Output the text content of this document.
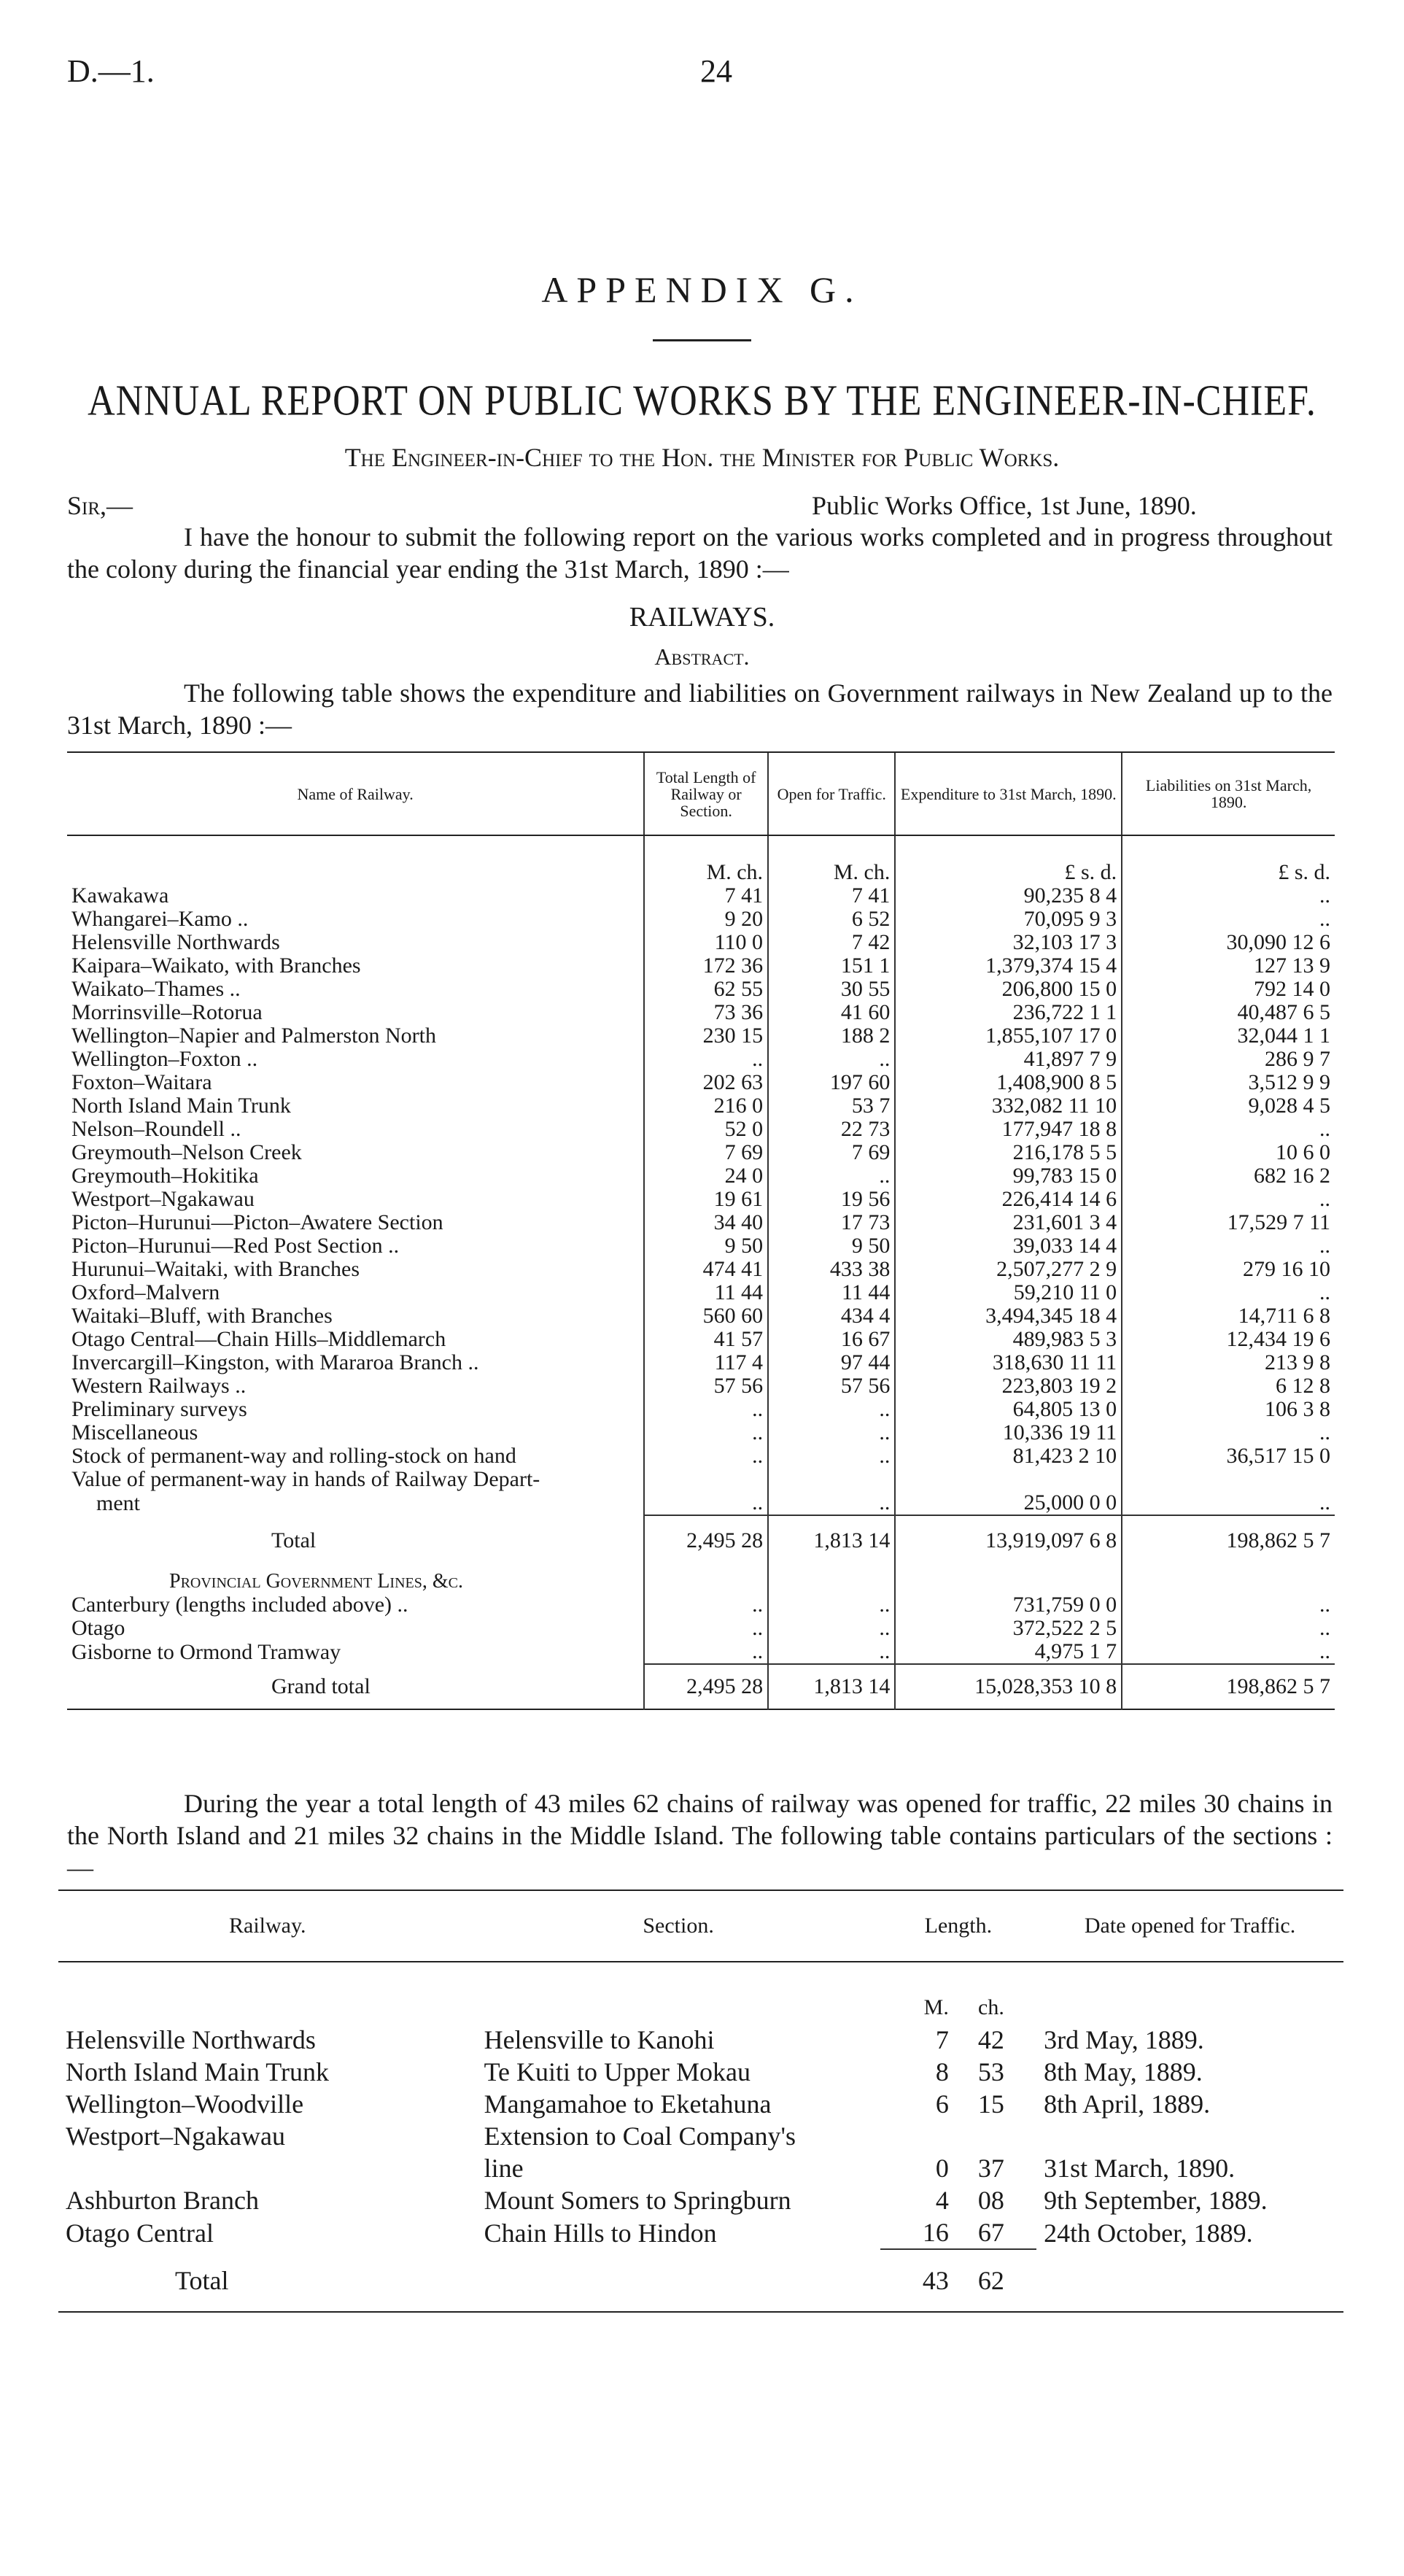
D.—1.	24
APPENDIX G.
ANNUAL REPORT ON PUBLIC WORKS BY THE ENGINEER-IN-CHIEF.
The Engineer-in-Chief to the Hon. the Minister for Public Works.
Sir,—	Public Works Office, 1st June, 1890.

I have the honour to submit the following report on the various works completed and in progress throughout the colony during the financial year ending the 31st March, 1890 :—

RAILWAYS.
Abstract.

The following table shows the expenditure and liabilities on Government railways in New Zealand up to the 31st March, 1890 :—

Name of Railway.	Total Length of Railway or Section.	Open for Traffic.	Expenditure to 31st March, 1890.	Liabilities on 31st March, 1890.
	M. ch.	M. ch.	£ s. d.	£ s. d.
Kawakawa	7 41	7 41	90,235 8 4	..
Whangarei–Kamo ..	9 20	6 52	70,095 9 3	..
Helensville Northwards	110 0	7 42	32,103 17 3	30,090 12 6
Kaipara–Waikato, with Branches	172 36	151 1	1,379,374 15 4	127 13 9
Waikato–Thames ..	62 55	30 55	206,800 15 0	792 14 0
Morrinsville–Rotorua	73 36	41 60	236,722 1 1	40,487 6 5
Wellington–Napier and Palmerston North	230 15	188 2	1,855,107 17 0	32,044 1 1
Wellington–Foxton ..	..	..	41,897 7 9	286 9 7
Foxton–Waitara	202 63	197 60	1,408,900 8 5	3,512 9 9
North Island Main Trunk	216 0	53 7	332,082 11 10	9,028 4 5
Nelson–Roundell ..	52 0	22 73	177,947 18 8	..
Greymouth–Nelson Creek	7 69	7 69	216,178 5 5	10 6 0
Greymouth–Hokitika	24 0	..	99,783 15 0	682 16 2
Westport–Ngakawau	19 61	19 56	226,414 14 6	..
Picton–Hurunui—Picton–Awatere Section	34 40	17 73	231,601 3 4	17,529 7 11
Picton–Hurunui—Red Post Section ..	9 50	9 50	39,033 14 4	..
Hurunui–Waitaki, with Branches	474 41	433 38	2,507,277 2 9	279 16 10
Oxford–Malvern	11 44	11 44	59,210 11 0	..
Waitaki–Bluff, with Branches	560 60	434 4	3,494,345 18 4	14,711 6 8
Otago Central—Chain Hills–Middlemarch	41 57	16 67	489,983 5 3	12,434 19 6
Invercargill–Kingston, with Mararoa Branch ..	117 4	97 44	318,630 11 11	213 9 8
Western Railways ..	57 56	57 56	223,803 19 2	6 12 8
Preliminary surveys	..	..	64,805 13 0	106 3 8
Miscellaneous	..	..	10,336 19 11	..
Stock of permanent-way and rolling-stock on hand	..	..	81,423 2 10	36,517 15 0
Value of permanent-way in hands of Railway Depart-				
ment	..	..	25,000 0 0	..
Total	2,495 28	1,813 14	13,919,097 6 8	198,862 5 7
Provincial Government Lines, &c.				
Canterbury (lengths included above) ..	..	..	731,759 0 0	..
Otago	..	..	372,522 2 5	..
Gisborne to Ormond Tramway	..	..	4,975 1 7	..
Grand total	2,495 28	1,813 14	15,028,353 10 8	198,862 5 7

During the year a total length of 43 miles 62 chains of railway was opened for traffic, 22 miles 30 chains in the North Island and 21 miles 32 chains in the Middle Island. The following table contains particulars of the sections :—

Railway.	Section.	Length.	Date opened for Traffic.

		M. ch.	

Helensville Northwards	Helensville to Kanohi	7 42	3rd May, 1889.
North Island Main Trunk	Te Kuiti to Upper Mokau	8 53	8th May, 1889.
Wellington–Woodville	Mangamahoe to Eketahuna	6 15	8th April, 1889.
Westport–Ngakawau	Extension to Coal Company's	

	line	0 37	31st March, 1890.
Ashburton Branch	Mount Somers to Springburn	4 08	9th September, 1889.
Otago Central	Chain Hills to Hindon	16 67	24th October, 1889.
Total		43 62	
